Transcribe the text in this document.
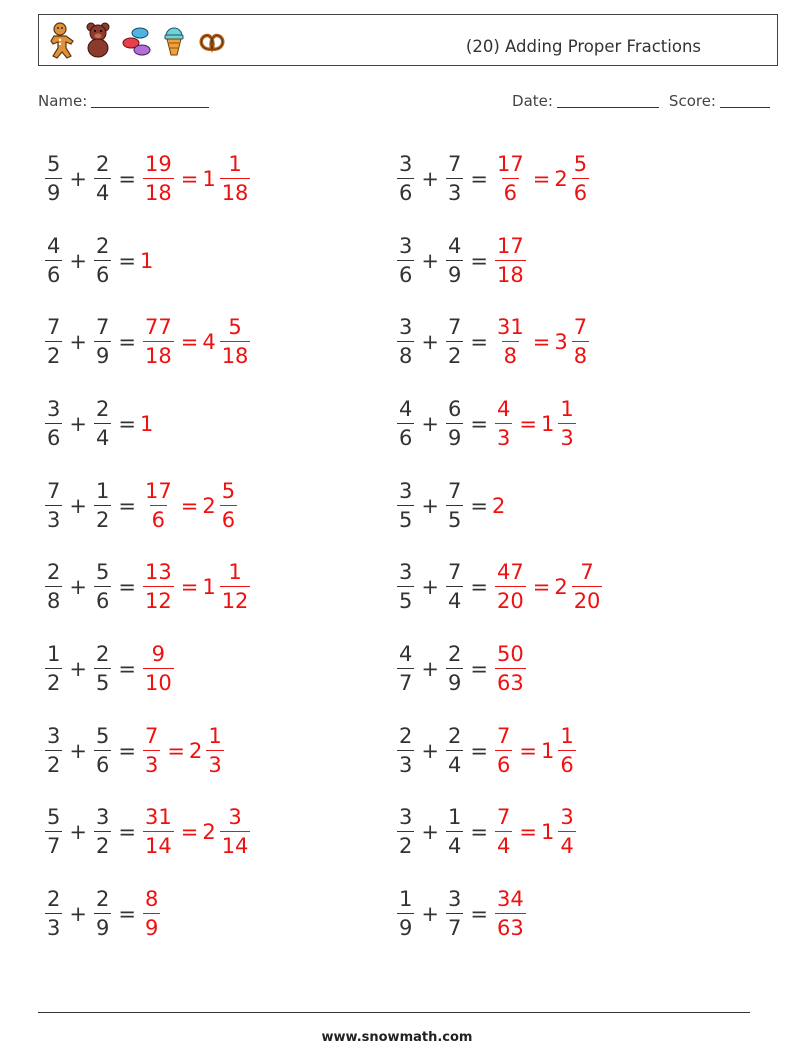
(20) Adding Proper Fractions
Name:	Date:	Score:
$\frac{5}{9} + \frac{2}{4} = \frac{19}{18} = 1 \frac{1}{18}$
$\frac{4}{6} + \frac{2}{6} = 1$
$\frac{7}{2} + \frac{7}{9} = \frac{77}{18} = 4 \frac{5}{18}$
$\frac{3}{6} + \frac{2}{4} = 1$
$\frac{7}{3} + \frac{1}{2} = \frac{17}{6} = 2 \frac{5}{6}$
$\frac{2}{8} + \frac{5}{6} = \frac{13}{12} = 1 \frac{1}{12}$
$\frac{1}{2} + \frac{2}{5} = \frac{9}{10}$
$\frac{3}{2} + \frac{5}{6} = \frac{7}{3} = 2 \frac{1}{3}$
$\frac{5}{7} + \frac{3}{2} = \frac{31}{14} = 2 \frac{3}{14}$
$\frac{2}{3} + \frac{2}{9} = \frac{8}{9}$
$\frac{3}{6} + \frac{7}{3} = \frac{17}{6} = 2 \frac{5}{6}$
$\frac{3}{6} + \frac{4}{9} = \frac{17}{18}$
$\frac{3}{8} + \frac{7}{2} = \frac{31}{8} = 3 \frac{7}{8}$
$\frac{4}{6} + \frac{6}{9} = \frac{4}{3} = 1 \frac{1}{3}$
$\frac{3}{5} + \frac{7}{5} = 2$
$\frac{3}{5} + \frac{7}{4} = \frac{47}{20} = 2 \frac{7}{20}$
$\frac{4}{7} + \frac{2}{9} = \frac{50}{63}$
$\frac{2}{3} + \frac{2}{4} = \frac{7}{6} = 1 \frac{1}{6}$
$\frac{3}{2} + \frac{1}{4} = \frac{7}{4} = 1 \frac{3}{4}$
$\frac{1}{9} + \frac{3}{7} = \frac{34}{63}$
www.snowmath.com
